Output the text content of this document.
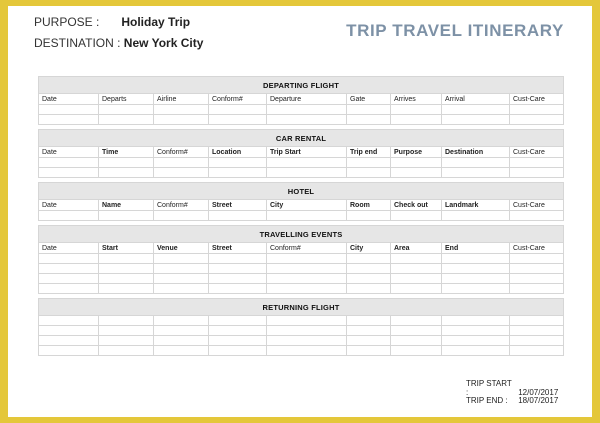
PURPOSE : Holiday Trip
DESTINATION : New York City
TRIP TRAVEL ITINERARY
DEPARTING FLIGHT								
Date	Departs	Airline	Conform#	Departure	Gate	Arrives	Arrival	Cust-Care

CAR RENTAL								
Date	Time	Conform#	Location	Trip Start	Trip end	Purpose	Destination	Cust-Care

HOTEL								
Date	Name	Conform#	Street	City	Room	Check out	Landmark	Cust-Care

TRAVELLING EVENTS								
Date	Start	Venue	Street	Conform#	City	Area	End	Cust-Care

RETURNING FLIGHT								

TRIP START :	12/07/2017
TRIP END : 18/07/2017
